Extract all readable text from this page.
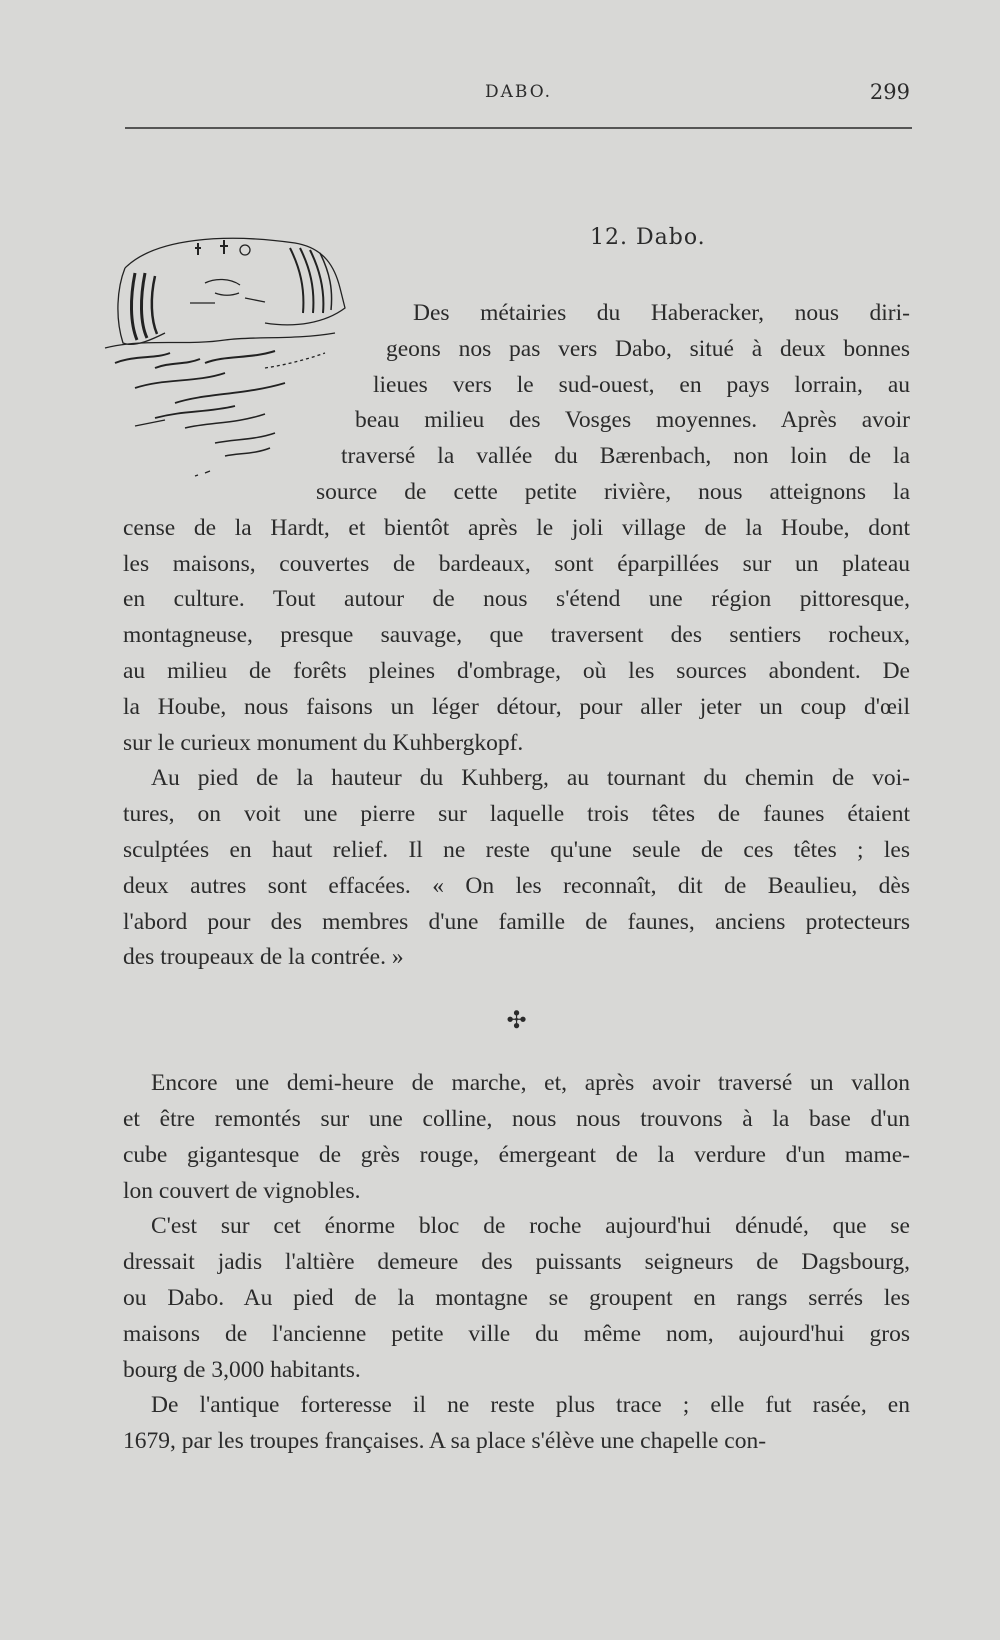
DABO.	299
12. Dabo.

Des métairies du Haberacker, nous diri-
geons nos pas vers Dabo, situé à deux bonnes
lieues vers le sud-ouest, en pays lorrain, au
beau milieu des Vosges moyennes. Après avoir
traversé la vallée du Bærenbach, non loin de la
source de cette petite rivière, nous atteignons la
cense de la Hardt, et bientôt après le joli village de la Hoube, dont
les maisons, couvertes de bardeaux, sont éparpillées sur un plateau
en culture. Tout autour de nous s'étend une région pittoresque,
montagneuse, presque sauvage, que traversent des sentiers rocheux,
au milieu de forêts pleines d'ombrage, où les sources abondent. De
la Hoube, nous faisons un léger détour, pour aller jeter un coup d'œil
sur le curieux monument du Kuhbergkopf.

Au pied de la hauteur du Kuhberg, au tournant du chemin de voi-
tures, on voit une pierre sur laquelle trois têtes de faunes étaient
sculptées en haut relief. Il ne reste qu'une seule de ces têtes ; les
deux autres sont effacées. « On les reconnaît, dit de Beaulieu, dès
l'abord pour des membres d'une famille de faunes, anciens protecteurs
des troupeaux de la contrée. »

✣

Encore une demi-heure de marche, et, après avoir traversé un vallon
et être remontés sur une colline, nous nous trouvons à la base d'un
cube gigantesque de grès rouge, émergeant de la verdure d'un mame-
lon couvert de vignobles.

C'est sur cet énorme bloc de roche aujourd'hui dénudé, que se
dressait jadis l'altière demeure des puissants seigneurs de Dagsbourg,
ou Dabo. Au pied de la montagne se groupent en rangs serrés les
maisons de l'ancienne petite ville du même nom, aujourd'hui gros
bourg de 3,000 habitants.

De l'antique forteresse il ne reste plus trace ; elle fut rasée, en
1679, par les troupes françaises. A sa place s'élève une chapelle con-
